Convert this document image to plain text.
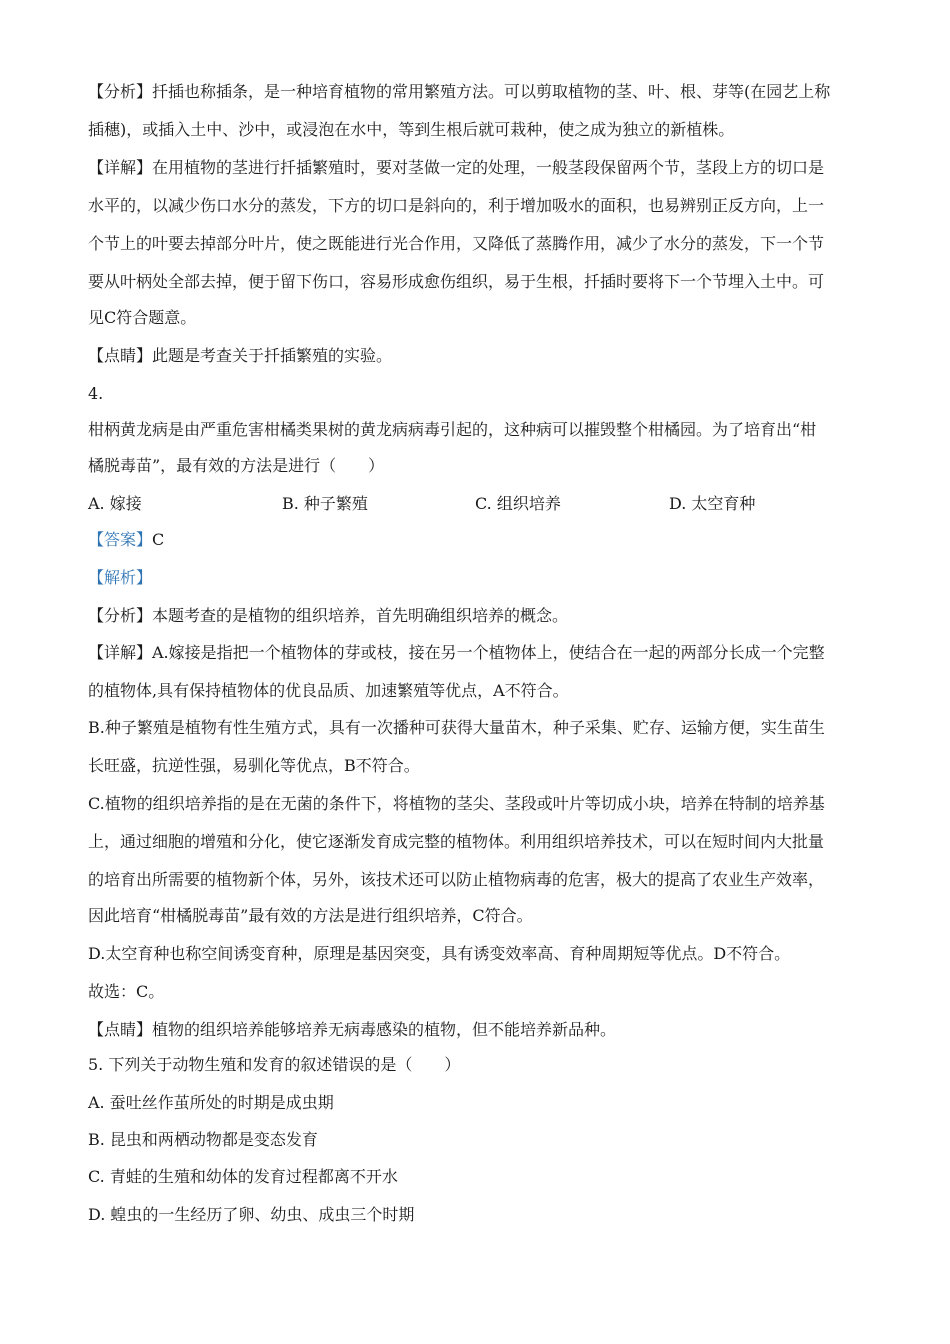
【分析】扦插也称插条，是一种培育植物的常用繁殖方法。可以剪取植物的茎、叶、根、芽等(在园艺上称
插穗)，或插入土中、沙中，或浸泡在水中，等到生根后就可栽种，使之成为独立的新植株。
【详解】在用植物的茎进行扦插繁殖时，要对茎做一定的处理，一般茎段保留两个节，茎段上方的切口是
水平的，以减少伤口水分的蒸发，下方的切口是斜向的，利于增加吸水的面积，也易辨别正反方向，上一
个节上的叶要去掉部分叶片，使之既能进行光合作用，又降低了蒸腾作用，减少了水分的蒸发，下一个节
要从叶柄处全部去掉，便于留下伤口，容易形成愈伤组织，易于生根，扦插时要将下一个节埋入土中。可
见C符合题意。
【点睛】此题是考查关于扦插繁殖的实验。
4.
柑柄黄龙病是由严重危害柑橘类果树的黄龙病病毒引起的，这种病可以摧毁整个柑橘园。为了培育出“柑
橘脱毒苗”，最有效的方法是进行（　　）
A. 嫁接	B. 种子繁殖	C. 组织培养	D. 太空育种
【答案】C
【解析】
【分析】本题考查的是植物的组织培养，首先明确组织培养的概念。
【详解】A.嫁接是指把一个植物体的芽或枝，接在另一个植物体上，使结合在一起的两部分长成一个完整
的植物体,具有保持植物体的优良品质、加速繁殖等优点，A不符合。
B.种子繁殖是植物有性生殖方式，具有一次播种可获得大量苗木，种子采集、贮存、运输方便，实生苗生
长旺盛，抗逆性强，易驯化等优点，B不符合。
C.植物的组织培养指的是在无菌的条件下，将植物的茎尖、茎段或叶片等切成小块，培养在特制的培养基
上，通过细胞的增殖和分化，使它逐渐发育成完整的植物体。利用组织培养技术，可以在短时间内大批量
的培育出所需要的植物新个体，另外，该技术还可以防止植物病毒的危害，极大的提高了农业生产效率，
因此培育“柑橘脱毒苗”最有效的方法是进行组织培养，C符合。
D.太空育种也称空间诱变育种，原理是基因突变，具有诱变效率高、育种周期短等优点。D不符合。
故选：C。
【点睛】植物的组织培养能够培养无病毒感染的植物，但不能培养新品种。
5. 下列关于动物生殖和发育的叙述错误的是（　　）
A. 蚕吐丝作茧所处的时期是成虫期
B. 昆虫和两栖动物都是变态发育
C. 青蛙的生殖和幼体的发育过程都离不开水
D. 蝗虫的一生经历了卵、幼虫、成虫三个时期
